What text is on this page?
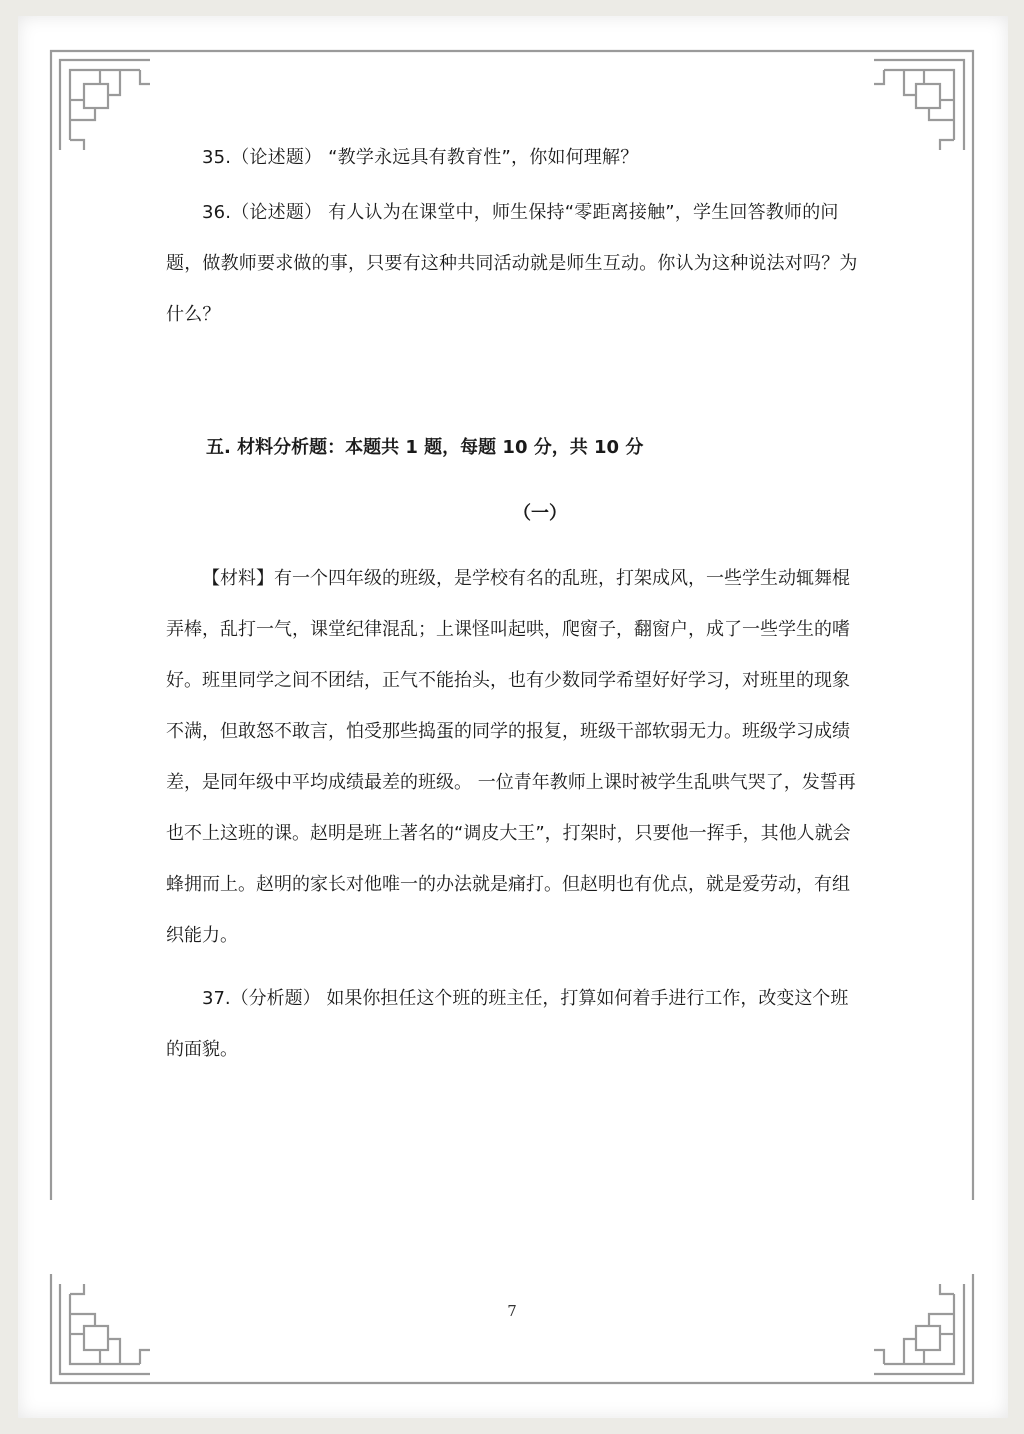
35.（论述题） “教学永远具有教育性”，你如何理解？

36.（论述题） 有人认为在课堂中，师生保持“零距离接触”，学生回答教师的问题，做教师要求做的事，只要有这种共同活动就是师生互动。你认为这种说法对吗？为什么？

五. 材料分析题：本题共 1 题，每题 10 分，共 10 分
（一）

【材料】有一个四年级的班级，是学校有名的乱班，打架成风，一些学生动辄舞棍弄棒，乱打一气，课堂纪律混乱；上课怪叫起哄，爬窗子，翻窗户，成了一些学生的嗜好。班里同学之间不团结，正气不能抬头，也有少数同学希望好好学习，对班里的现象不满，但敢怒不敢言，怕受那些捣蛋的同学的报复，班级干部软弱无力。班级学习成绩差，是同年级中平均成绩最差的班级。 一位青年教师上课时被学生乱哄气哭了，发誓再也不上这班的课。赵明是班上著名的“调皮大王”，打架时，只要他一挥手，其他人就会蜂拥而上。赵明的家长对他唯一的办法就是痛打。但赵明也有优点，就是爱劳动，有组织能力。

37.（分析题） 如果你担任这个班的班主任，打算如何着手进行工作，改变这个班的面貌。

7
